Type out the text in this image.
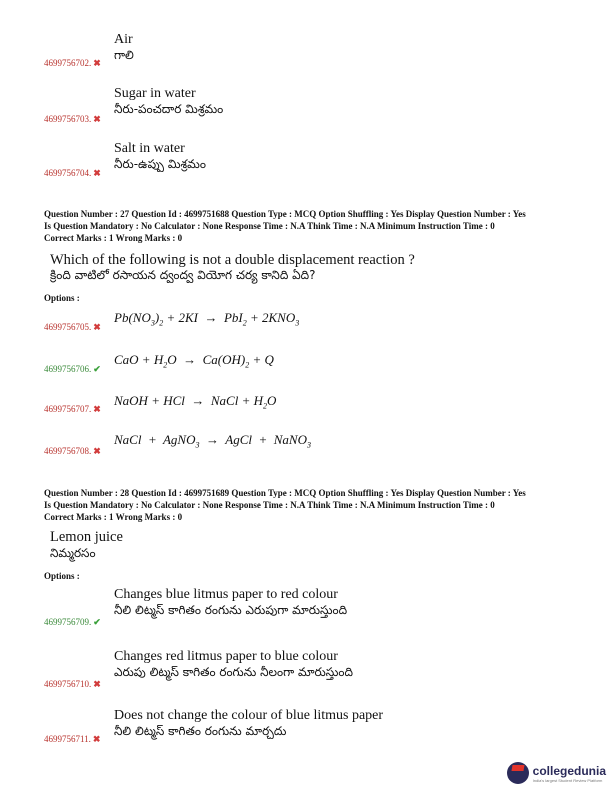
Air
గాలి
4699756702. ✖
Sugar in water
నీరు-పంచదార మిశ్రమం
4699756703. ✖
Salt in water
నీరు-ఉప్పు మిశ్రమం
4699756704. ✖
Question Number : 27 Question Id : 4699751688 Question Type : MCQ Option Shuffling : Yes Display Question Number : Yes
Is Question Mandatory : No Calculator : None Response Time : N.A Think Time : N.A Minimum Instruction Time : 0
Correct Marks : 1 Wrong Marks : 0
Which of the following is not a double displacement reaction ?
క్రింది వాటిలో రసాయన ద్వంద్వ వియోగ చర్య కానిది ఏది?
Options :
$Pb(NO_3)_2 + 2KI \to PbI_2 + 2KNO_3$
4699756705. ✖
CaO + $H_2O \to Ca(OH)_2 + Q$
4699756706. ✔
NaOH + HCl  →  NaCl + $H_2O$
4699756707. ✖
NaCl  +  AgNO$_3$  →  AgCl  +  NaNO$_3$
4699756708. ✖
Question Number : 28 Question Id : 4699751689 Question Type : MCQ Option Shuffling : Yes Display Question Number : Yes
Is Question Mandatory : No Calculator : None Response Time : N.A Think Time : N.A Minimum Instruction Time : 0
Correct Marks : 1 Wrong Marks : 0
Lemon juice
నిమ్మరసం
Options :
Changes blue litmus paper to red colour
నీలి లిట్మస్ కాగితం రంగును ఎరుపుగా మారుస్తుంది
4699756709. ✔
Changes red litmus paper to blue colour
ఎరుపు లిట్మస్ కాగితం రంగును నీలంగా మారుస్తుంది
4699756710. ✖
Does not change the colour of blue litmus paper
నీలి లిట్మస్ కాగితం రంగును మార్చదు
4699756711. ✖
collegedunia
India's largest Student Review Platform
